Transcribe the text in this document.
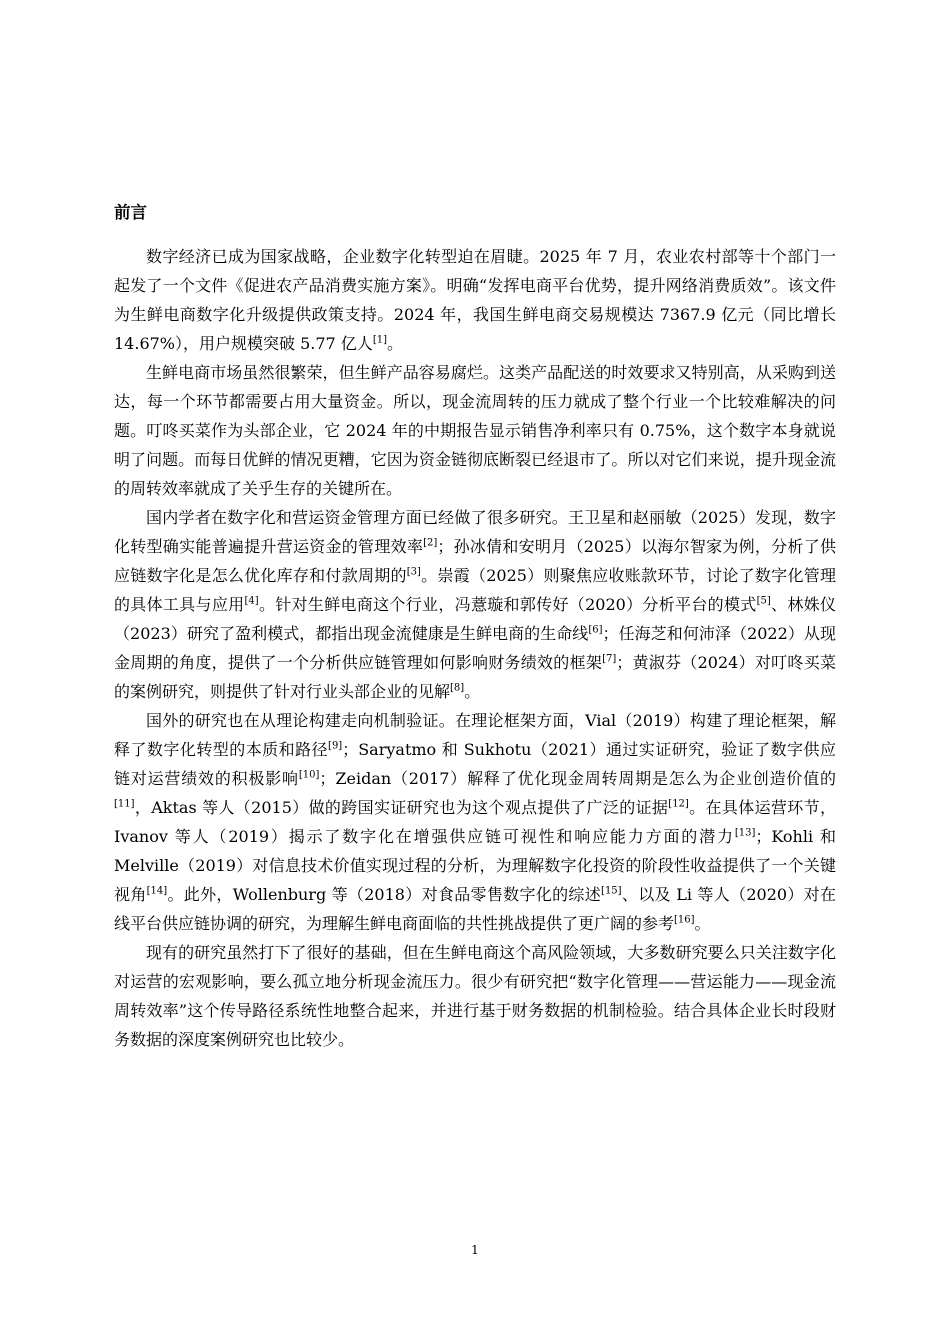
前言

数字经济已成为国家战略，企业数字化转型迫在眉睫。2025 年 7 月，农业农村部等十个部门一起发了一个文件《促进农产品消费实施方案》。明确“发挥电商平台优势，提升网络消费质效”。该文件为生鲜电商数字化升级提供政策支持。2024 年，我国生鲜电商交易规模达 7367.9 亿元（同比增长 14.67%），用户规模突破 5.77 亿人[1]。

生鲜电商市场虽然很繁荣，但生鲜产品容易腐烂。这类产品配送的时效要求又特别高，从采购到送达，每一个环节都需要占用大量资金。所以，现金流周转的压力就成了整个行业一个比较难解决的问题。叮咚买菜作为头部企业，它 2024 年的中期报告显示销售净利率只有 0.75%，这个数字本身就说明了问题。而每日优鲜的情况更糟，它因为资金链彻底断裂已经退市了。所以对它们来说，提升现金流的周转效率就成了关乎生存的关键所在。

国内学者在数字化和营运资金管理方面已经做了很多研究。王卫星和赵丽敏（2025）发现，数字化转型确实能普遍提升营运资金的管理效率[2]；孙冰倩和安明月（2025）以海尔智家为例，分析了供应链数字化是怎么优化库存和付款周期的[3]。崇霞（2025）则聚焦应收账款环节，讨论了数字化管理的具体工具与应用[4]。针对生鲜电商这个行业，冯薏璇和郭传好（2020）分析平台的模式[5]、林姝仪（2023）研究了盈利模式，都指出现金流健康是生鲜电商的生命线[6]；任海芝和何沛泽（2022）从现金周期的角度，提供了一个分析供应链管理如何影响财务绩效的框架[7]；黄淑芬（2024）对叮咚买菜的案例研究，则提供了针对行业头部企业的见解[8]。

国外的研究也在从理论构建走向机制验证。在理论框架方面，Vial（2019）构建了理论框架，解释了数字化转型的本质和路径[9]；Saryatmo 和 Sukhotu（2021）通过实证研究，验证了数字供应链对运营绩效的积极影响[10]；Zeidan（2017）解释了优化现金周转周期是怎么为企业创造价值的[11]，Aktas 等人（2015）做的跨国实证研究也为这个观点提供了广泛的证据[12]。在具体运营环节，Ivanov 等人（2019）揭示了数字化在增强供应链可视性和响应能力方面的潜力[13]；Kohli 和 Melville（2019）对信息技术价值实现过程的分析，为理解数字化投资的阶段性收益提供了一个关键视角[14]。此外，Wollenburg 等（2018）对食品零售数字化的综述[15]、以及 Li 等人（2020）对在线平台供应链协调的研究，为理解生鲜电商面临的共性挑战提供了更广阔的参考[16]。

现有的研究虽然打下了很好的基础，但在生鲜电商这个高风险领域，大多数研究要么只关注数字化对运营的宏观影响，要么孤立地分析现金流压力。很少有研究把“数字化管理——营运能力——现金流周转效率”这个传导路径系统性地整合起来，并进行基于财务数据的机制检验。结合具体企业长时段财务数据的深度案例研究也比较少。

1
